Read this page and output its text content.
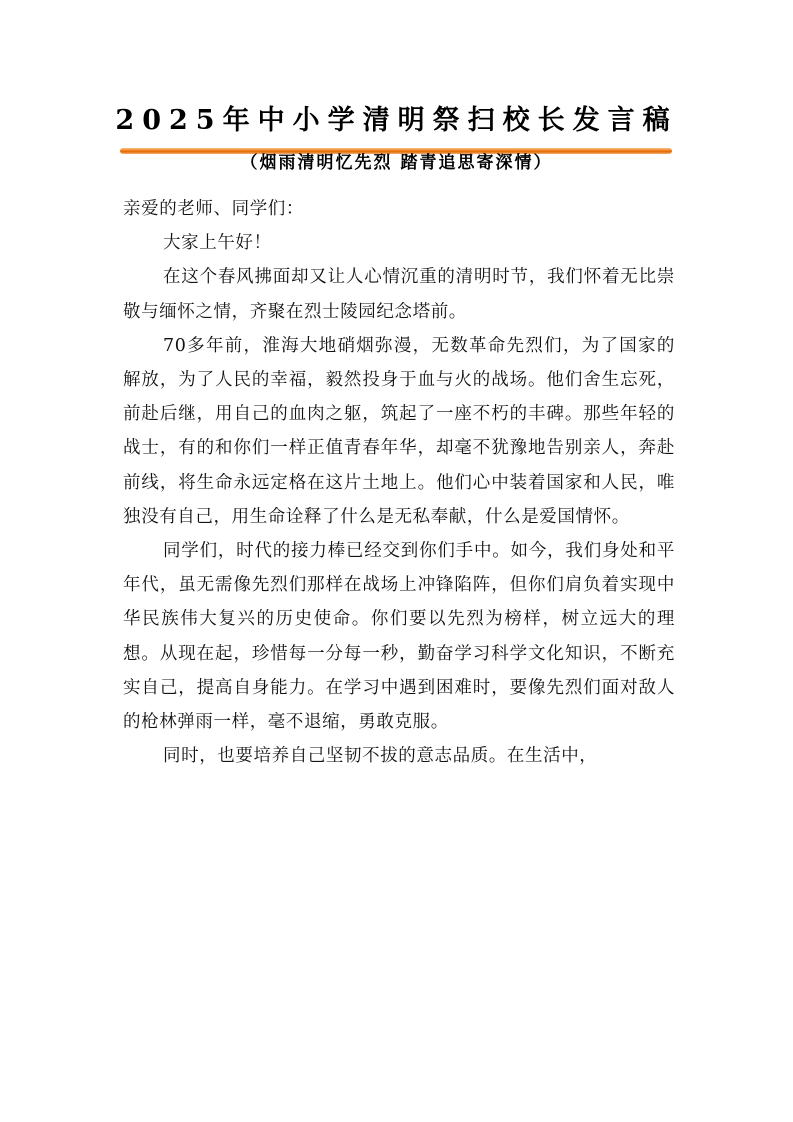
2025年中小学清明祭扫校长发言稿
（烟雨清明忆先烈 踏青追思寄深情）

亲爱的老师、同学们：

大家上午好！

在这个春风拂面却又让人心情沉重的清明时节，我们怀着无比崇敬与缅怀之情，齐聚在烈士陵园纪念塔前。

70多年前，淮海大地硝烟弥漫，无数革命先烈们，为了国家的解放，为了人民的幸福，毅然投身于血与火的战场。他们舍生忘死，前赴后继，用自己的血肉之躯，筑起了一座不朽的丰碑。那些年轻的战士，有的和你们一样正值青春年华，却毫不犹豫地告别亲人，奔赴前线，将生命永远定格在这片土地上。他们心中装着国家和人民，唯独没有自己，用生命诠释了什么是无私奉献，什么是爱国情怀。

同学们，时代的接力棒已经交到你们手中。如今，我们身处和平年代，虽无需像先烈们那样在战场上冲锋陷阵，但你们肩负着实现中华民族伟大复兴的历史使命。你们要以先烈为榜样，树立远大的理想。从现在起，珍惜每一分每一秒，勤奋学习科学文化知识，不断充实自己，提高自身能力。在学习中遇到困难时，要像先烈们面对敌人的枪林弹雨一样，毫不退缩，勇敢克服。

同时，也要培养自己坚韧不拔的意志品质。在生活中，
